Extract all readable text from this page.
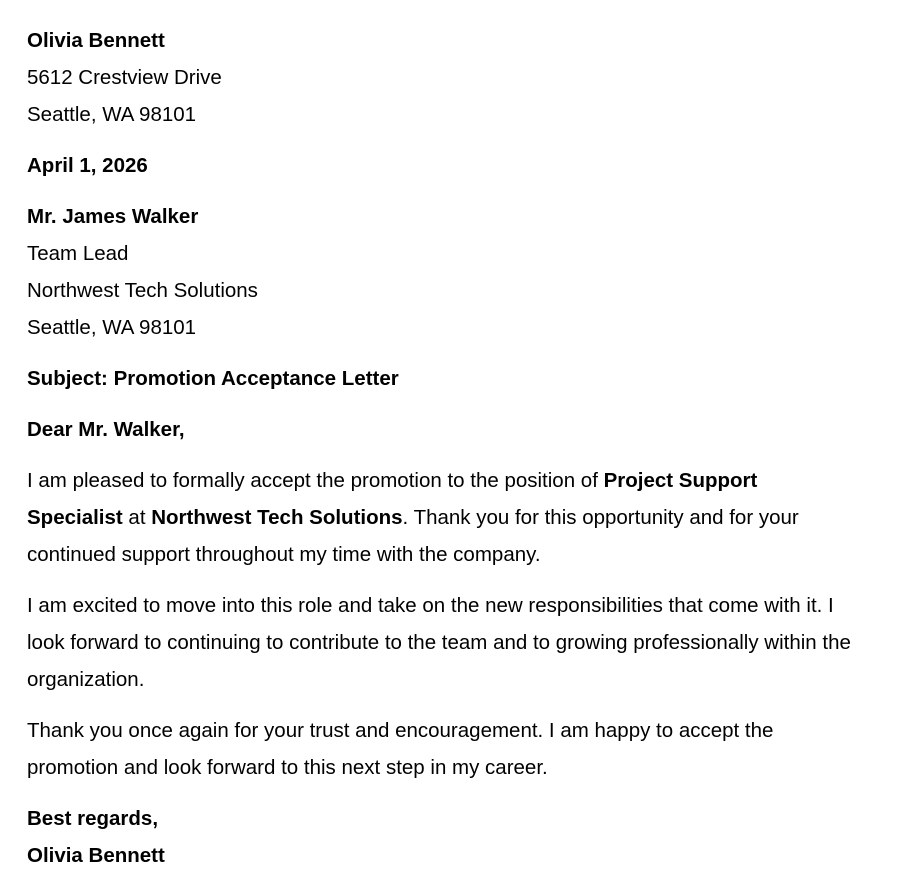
Olivia Bennett
5612 Crestview Drive
Seattle, WA 98101
April 1, 2026
Mr. James Walker
Team Lead
Northwest Tech Solutions
Seattle, WA 98101
Subject: Promotion Acceptance Letter
Dear Mr. Walker,

I am pleased to formally accept the promotion to the position of Project Support Specialist at Northwest Tech Solutions. Thank you for this opportunity and for your continued support throughout my time with the company.

I am excited to move into this role and take on the new responsibilities that come with it. I look forward to continuing to contribute to the team and to growing professionally within the organization.

Thank you once again for your trust and encouragement. I am happy to accept the promotion and look forward to this next step in my career.

Best regards,
Olivia Bennett
